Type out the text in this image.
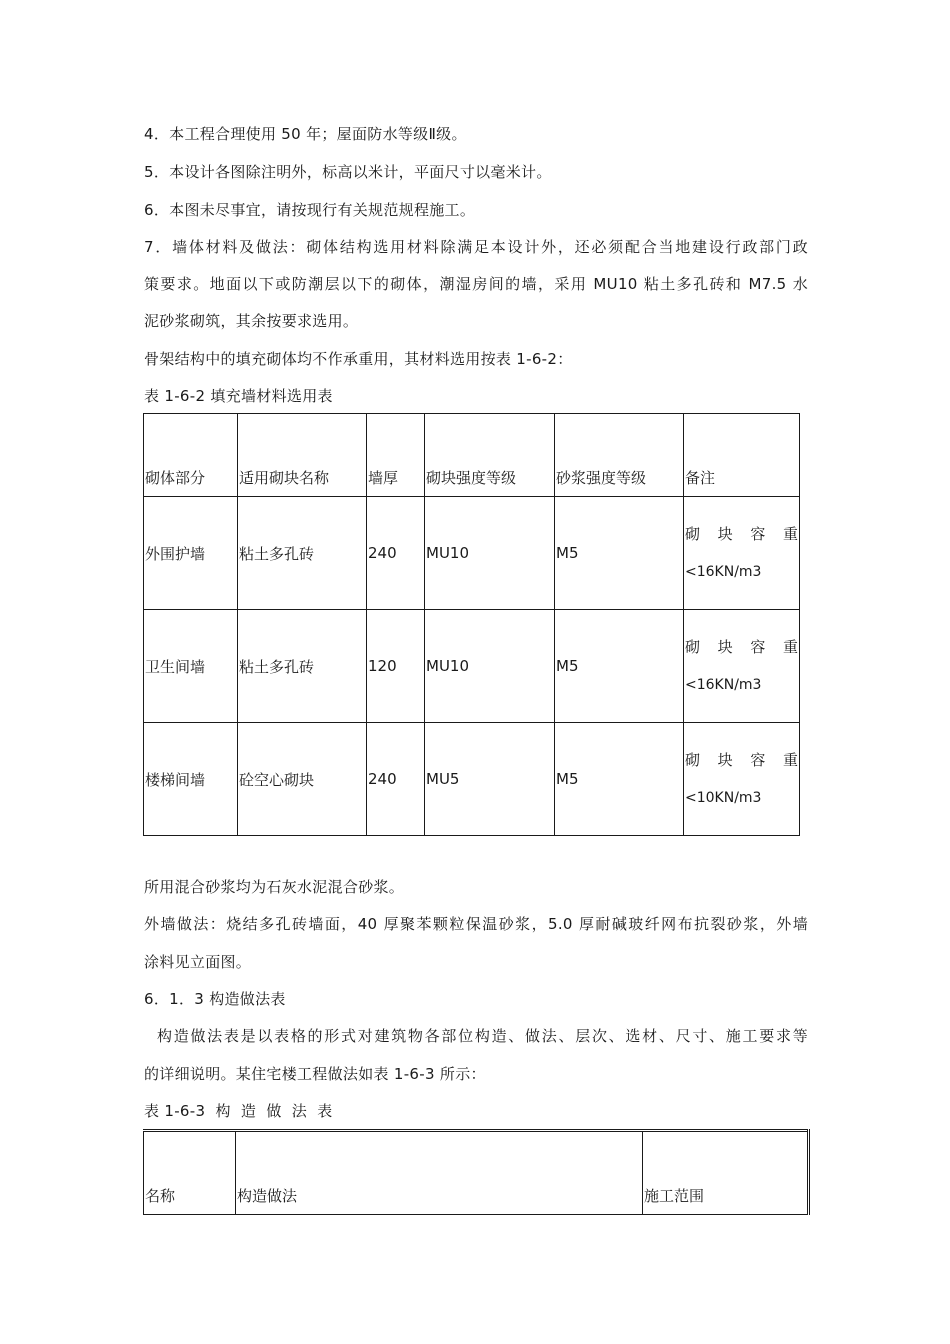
4．本工程合理使用 50 年；屋面防水等级Ⅱ级。
5．本设计各图除注明外，标高以米计，平面尺寸以毫米计。
6．本图未尽事宜，请按现行有关规范规程施工。
7．墙体材料及做法：砌体结构选用材料除满足本设计外，还必须配合当地建设行政部门政
策要求。地面以下或防潮层以下的砌体，潮湿房间的墙，采用 MU10 粘土多孔砖和 M7.5 水
泥砂浆砌筑，其余按要求选用。
骨架结构中的填充砌体均不作承重用，其材料选用按表 1-6-2：
表 1-6-2 填充墙材料选用表
砌体部分	适用砌块名称	墙厚	砌块强度等级	砂浆强度等级	备注
外围护墙	粘土多孔砖	240	MU10	M5	砌 块 容 重
<16KN/m3

卫生间墙	粘土多孔砖	120	MU10	M5	砌 块 容 重
<16KN/m3

楼梯间墙	砼空心砌块	240	MU5	M5	砌 块 容 重
<10KN/m3
所用混合砂浆均为石灰水泥混合砂浆。
外墙做法：烧结多孔砖墙面，40 厚聚苯颗粒保温砂浆，5.0 厚耐碱玻纤网布抗裂砂浆，外墙
涂料见立面图。
6．1．3 构造做法表
构造做法表是以表格的形式对建筑物各部位构造、做法、层次、选材、尺寸、施工要求等
的详细说明。某住宅楼工程做法如表 1-6-3 所示：
表 1-6-3  构  造  做  法  表
名称	构造做法	施工范围
